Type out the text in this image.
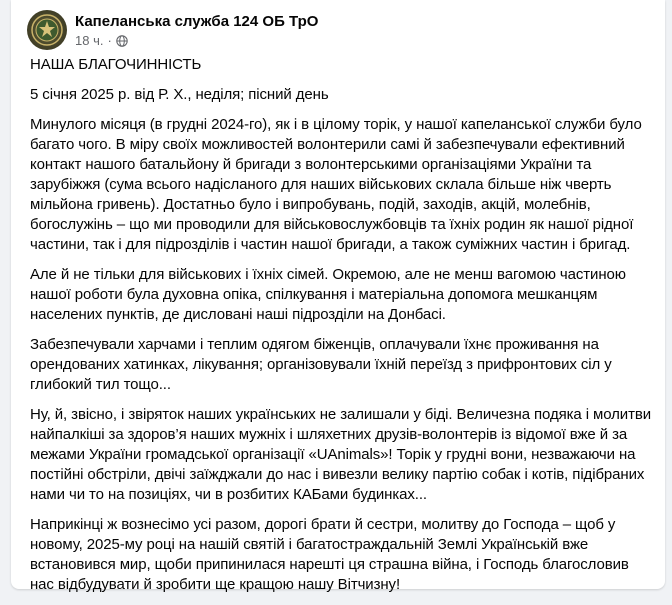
Капеланська служба 124 ОБ ТрО
18 ч. ·

НАША БЛАГОЧИННІСТЬ

5 січня 2025 р. від Р. Х., неділя; пісний день

Минулого місяця (в грудні 2024-го), як і в цілому торік, у нашої капеланської служби було багато чого. В міру своїх можливостей волонтерили самі й забезпечували ефективний контакт нашого батальйону й бригади з волонтерськими організаціями України та зарубіжжя (сума всього надісланого для наших військових склала більше ніж чверть мільйона гривень). Достатньо було і випробувань, подій, заходів, акцій, молебнів, богослужінь – що ми проводили для військовослужбовців та їхніх родин як нашої рідної частини, так і для підрозділів і частин нашої бригади, а також суміжних частин і бригад.

Але й не тільки для військових і їхніх сімей. Окремою, але не менш вагомою частиною нашої роботи була духовна опіка, спілкування і матеріальна допомога мешканцям населених пунктів, де дисловані наші підрозділи на Донбасі.

Забезпечували харчами і теплим одягом біженців, оплачували їхнє проживання на орендованих хатинках, лікування; організовували їхній переїзд з прифронтових сіл у глибокий тил тощо...

Ну, й, звісно, і звіряток наших українських не залишали у біді. Величезна подяка і молитви найпалкіші за здоров’я наших мужніх і шляхетних друзів-волонтерів із відомої вже й за межами України громадської організації «UAnimals»! Торік у грудні вони, незважаючи на постійні обстріли, двічі заїжджали до нас і вивезли велику партію собак і котів, підібраних нами чи то на позиціях, чи в розбитих КАБами будинках...

Наприкінці ж вознесімо усі разом, дорогі брати й сестри, молитву до Господа – щоб у новому, 2025-му році на нашій святій і багатостраждальній Землі Українській вже встановився мир, щоби припинилася нарешті ця страшна війна, і Господь благословив нас відбудувати й зробити ще кращою нашу Вітчизну!
